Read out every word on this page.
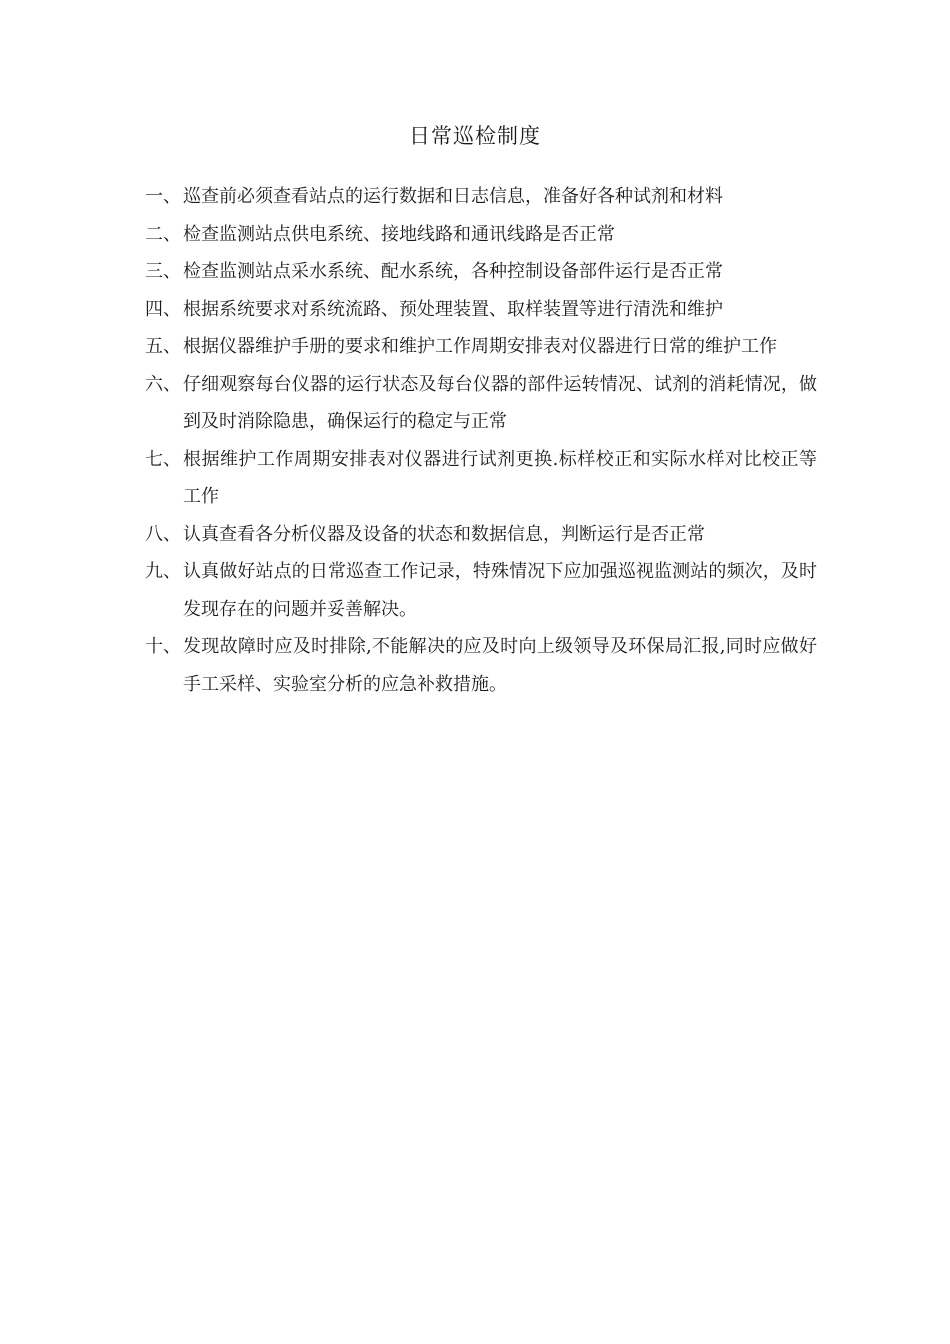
日常巡检制度
一、 巡查前必须查看站点的运行数据和日志信息，准备好各种试剂和材料
二、 检查监测站点供电系统、接地线路和通讯线路是否正常
三、 检查监测站点采水系统、配水系统，各种控制设备部件运行是否正常
四、 根据系统要求对系统流路、预处理装置、取样装置等进行清洗和维护
五、 根据仪器维护手册的要求和维护工作周期安排表对仪器进行日常的维护工作
六、 仔细观察每台仪器的运行状态及每台仪器的部件运转情况、试剂的消耗情况，做到及时消除隐患，确保运行的稳定与正常
七、 根据维护工作周期安排表对仪器进行试剂更换.标样校正和实际水样对比校正等工作
八、 认真查看各分析仪器及设备的状态和数据信息，判断运行是否正常
九、 认真做好站点的日常巡查工作记录，特殊情况下应加强巡视监测站的频次，及时发现存在的问题并妥善解决。
十、 发现故障时应及时排除,不能解决的应及时向上级领导及环保局汇报,同时应做好手工采样、实验室分析的应急补救措施。
